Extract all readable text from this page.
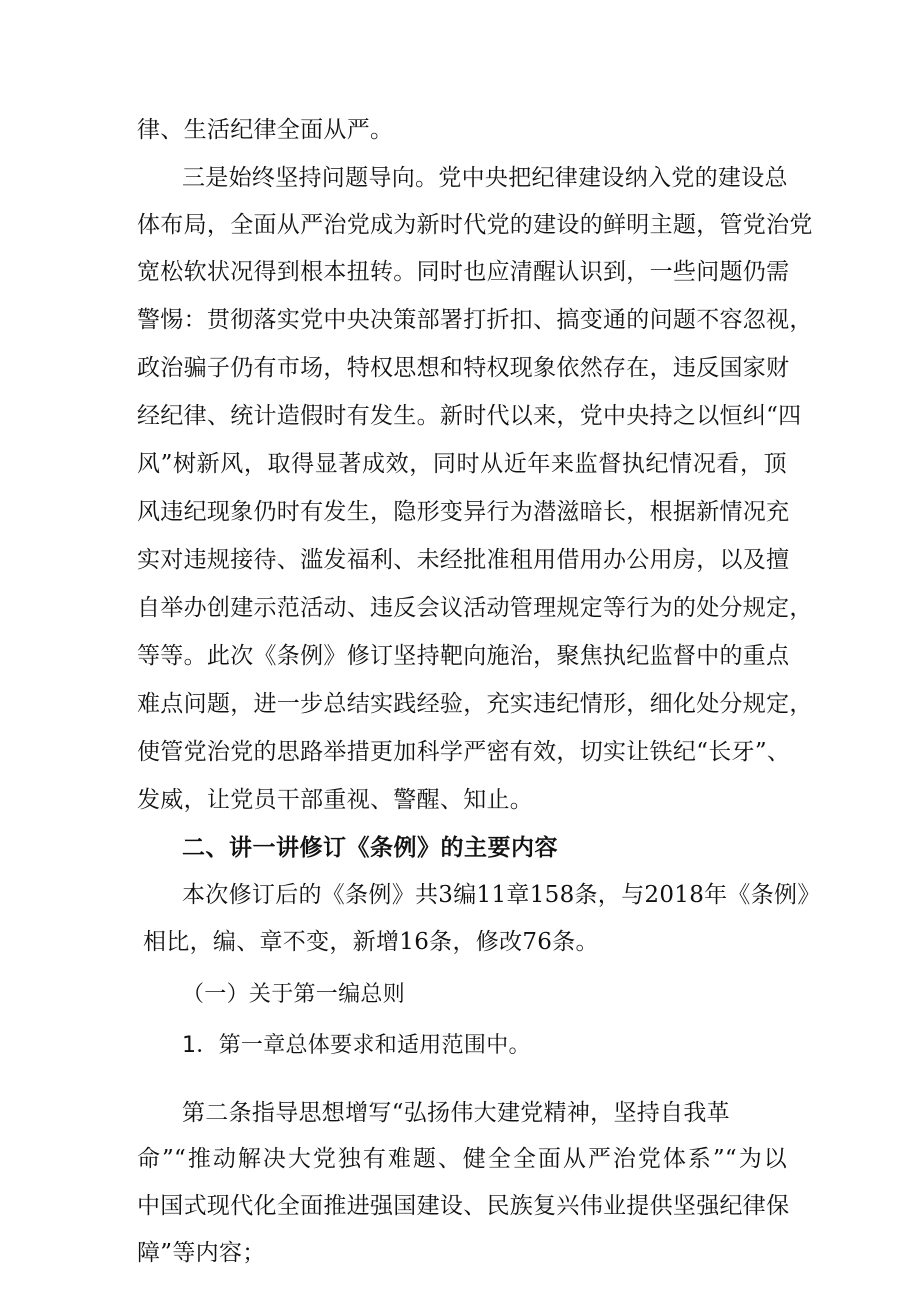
律、生活纪律全面从严。
三是始终坚持问题导向。党中央把纪律建设纳入党的建设总
体布局，全面从严治党成为新时代党的建设的鲜明主题，管党治党
宽松软状况得到根本扭转。同时也应清醒认识到，一些问题仍需
警惕：贯彻落实党中央决策部署打折扣、搞变通的问题不容忽视，
政治骗子仍有市场，特权思想和特权现象依然存在，违反国家财
经纪律、统计造假时有发生。新时代以来，党中央持之以恒纠“四
风”树新风，取得显著成效，同时从近年来监督执纪情况看，顶
风违纪现象仍时有发生，隐形变异行为潜滋暗长，根据新情况充
实对违规接待、滥发福利、未经批准租用借用办公用房，以及擅
自举办创建示范活动、违反会议活动管理规定等行为的处分规定，
等等。此次《条例》修订坚持靶向施治，聚焦执纪监督中的重点
难点问题，进一步总结实践经验，充实违纪情形，细化处分规定，
使管党治党的思路举措更加科学严密有效，切实让铁纪“长牙”、
发威，让党员干部重视、警醒、知止。
二、讲一讲修订《条例》的主要内容
本次修订后的《条例》共3编11章158条，与2018年《条例》
相比，编、章不变，新增16条，修改76条。
（一）关于第一编总则
1．第一章总体要求和适用范围中。
第二条指导思想增写“弘扬伟大建党精神，坚持自我革
命”“推动解决大党独有难题、健全全面从严治党体系”“为以
中国式现代化全面推进强国建设、民族复兴伟业提供坚强纪律保
障”等内容；
